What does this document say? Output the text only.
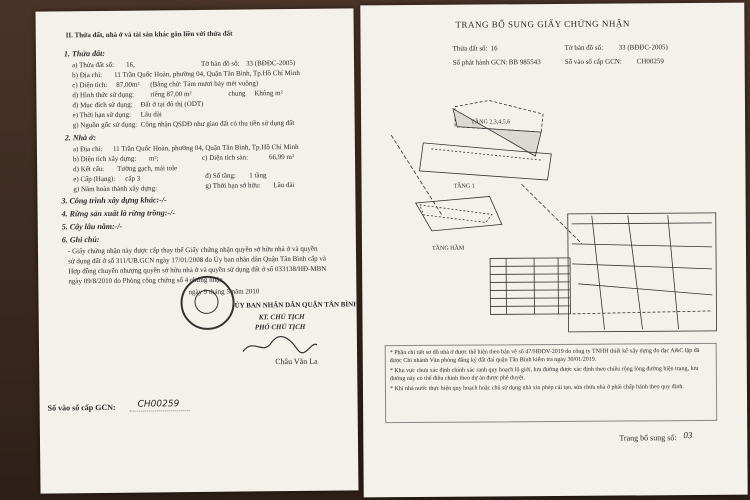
II. Thửa đất, nhà ở và tài sản khác gắn liền với thửa đất
1. Thửa đất:
a) Thửa đất số: 16,	Tờ bản đồ số: 33 (BĐĐC-2005)
b) Địa chỉ: 11 Trần Quốc Hoàn, phường 04, Quận Tân Bình, Tp.Hồ Chí Minh
c) Diện tích: 87,00m² (Bằng chữ: Tám mươi bảy mét vuông)
d) Hình thức sử dụng: riêng 87,00 m²	chung Không m²
đ) Mục đích sử dụng: Đất ở tại đô thị (ODT)
e) Thời hạn sử dụng: Lâu dài
g) Nguồn gốc sử dụng: Công nhận QSDĐ như giao đất có thu tiền sử dụng đất
2. Nhà ở:
a) Địa chỉ: 11 Trần Quốc Hoàn, phường 04, Quận Tân Bình, Tp.Hồ Chí Minh
b) Diện tích xây dựng: m²;	c) Diện tích sàn:	66,99 m²
d) Kết cấu: Tường gạch, mái tole
e) Cấp (Hạng): cấp 3	đ) Số tầng: 1 tầng
g) Năm hoàn thành xây dựng:	g) Thời hạn sở hữu: Lâu dài
3. Công trình xây dựng khác:-/-
4. Rừng sản xuất là rừng trồng:-/-
5. Cây lâu năm:-/-
6. Ghi chú:
- Giấy chứng nhận này được cấp thay thế Giấy chứng nhận quyền sở hữu nhà ở và quyền
sử dụng đất ở số 311/UB.GCN ngày 17/01/2008 do Ủy ban nhân dân Quận Tân Bình cấp và
Hợp đồng chuyển nhượng quyền sở hữu nhà ở và quyền sử dụng đất ở số 033138/HĐ-MBN
ngày 09/8/2010 do Phòng công chứng số 4 chứng nhận.
ngày 9 tháng 5 năm 2010
ỦY BAN NHÂN DÂN QUẬN TÂN BÌNH
KT. CHỦ TỊCH
PHÓ CHỦ TỊCH
Châu Văn La
Số vào sổ cấp GCN: CH00259
TRANG BỔ SUNG GIẤY CHỨNG NHẬN
Thửa đất số: 16	Tờ bản đồ số: 33 (BĐĐC-2005)
Số phát hành GCN: BB 985543	Số vào sổ cấp GCN: CH00259
TẦNG 2,3,4,5,6
TẦNG 1
TẦNG HẦM
* Phần chỉ tiết sơ đồ nhà ở được thể hiện theo bản vẽ số 47/HĐDV-2019 do công ty TNHH thiết kế xây dựng đo đạc A&C lập đã được Chi nhánh Văn phòng đăng ký đất đai quận Tân Bình kiểm tra ngày 30/01/2019.
* Khu vực chưa xác định chính xác ranh quy hoạch lộ giới, lưu đường được xác định theo chiều rộng lòng đường hiện trạng, lưu đường này có thể điều chỉnh theo dự án được phê duyệt.
* Khi nhà nước thực hiện quy hoạch hoặc chủ sử dụng nhà xin phép cải tạo, sửa chữa nhà ở phải chấp hành theo quy định.
Trang bổ sung số: 03
